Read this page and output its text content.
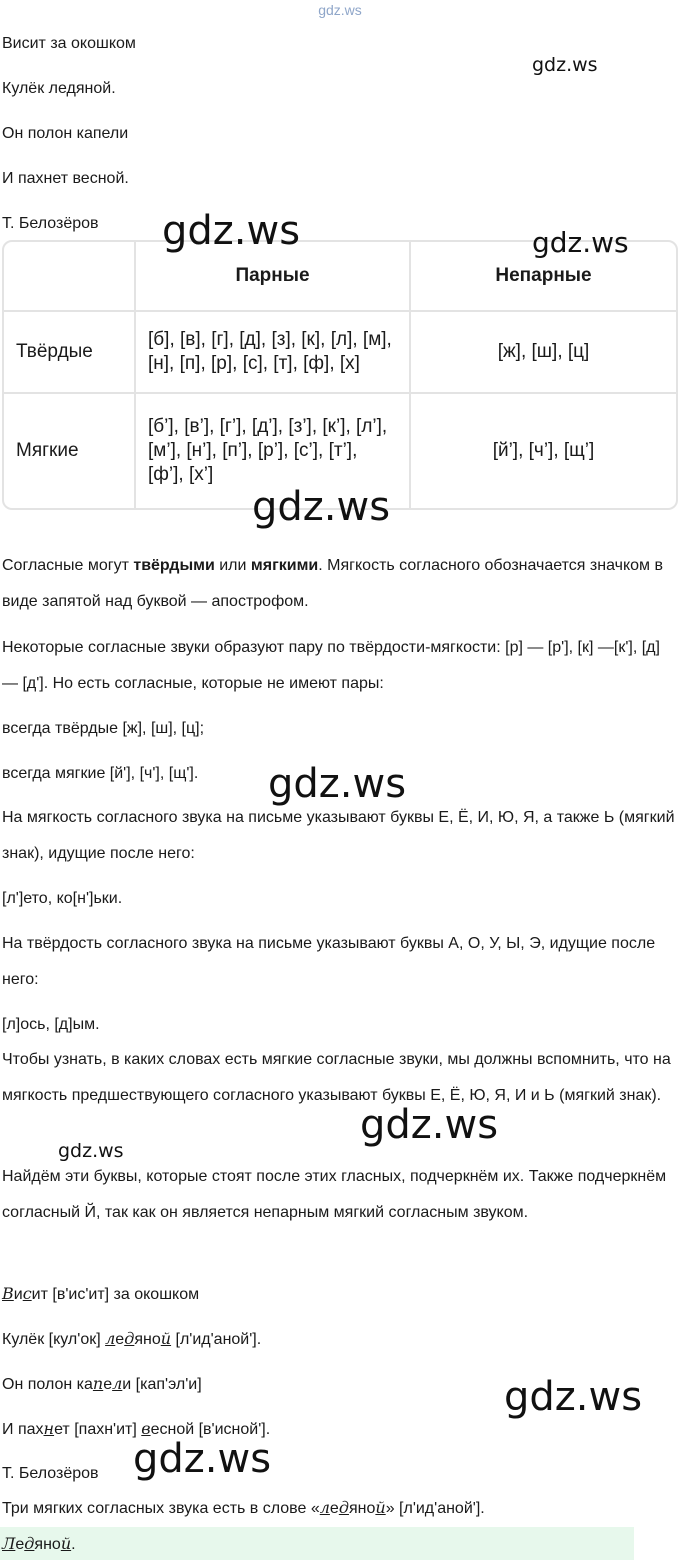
gdz.ws
Висит за окошком
Кулёк ледяной.
Он полон капели
И пахнет весной.
Т. Белозёров
	Парные	Непарные
Твёрдые	[б], [в], [г], [д], [з], [к], [л], [м], [н], [п], [р], [с], [т], [ф], [х]	[ж], [ш], [ц]
Мягкие	[б’], [в’], [г’], [д’], [з’], [к’], [л’], [м’], [н’], [п’], [р’], [с’], [т’], [ф’], [х’]	[й’], [ч’], [щ’]
Согласные могут твёрдыми или мягкими. Мягкость согласного обозначается значком в виде запятой над буквой — апострофом.
Некоторые согласные звуки образуют пару по твёрдости-мягкости: [р] — [р'], [к] —[к'], [д] — [д']. Но есть согласные, которые не имеют пары:
всегда твёрдые [ж], [ш], [ц];
всегда мягкие [й'], [ч'], [щ'].
На мягкость согласного звука на письме указывают буквы Е, Ё, И, Ю, Я, а также Ь (мягкий знак), идущие после него:
[л']ето, ко[н']ьки.
На твёрдость согласного звука на письме указывают буквы А, О, У, Ы, Э, идущие после него:
[л]ось, [д]ым.
Чтобы узнать, в каких словах есть мягкие согласные звуки, мы должны вспомнить, что на мягкость предшествующего согласного указывают буквы Е, Ё, Ю, Я, И и Ь (мягкий знак).
Найдём эти буквы, которые стоят после этих гласных, подчеркнём их. Также подчеркнём согласный Й, так как он является непарным мягкий согласным звуком.
Висит [в'ис'ит] за окошком
Кулёк [кул'ок] ледяной [л'ид'аной'].
Он полон капели [кап'эл'и]
И пахнет [пахн'ит] весной [в'исной'].
Т. Белозёров
Три мягких согласных звука есть в слове «ледяной» [л'ид'аной'].
Ледяной.
gdz.ws
gdz.ws	gdz.ws
gdz.ws
gdz.ws
gdz.ws
gdz.ws
gdz.ws
gdz.ws
